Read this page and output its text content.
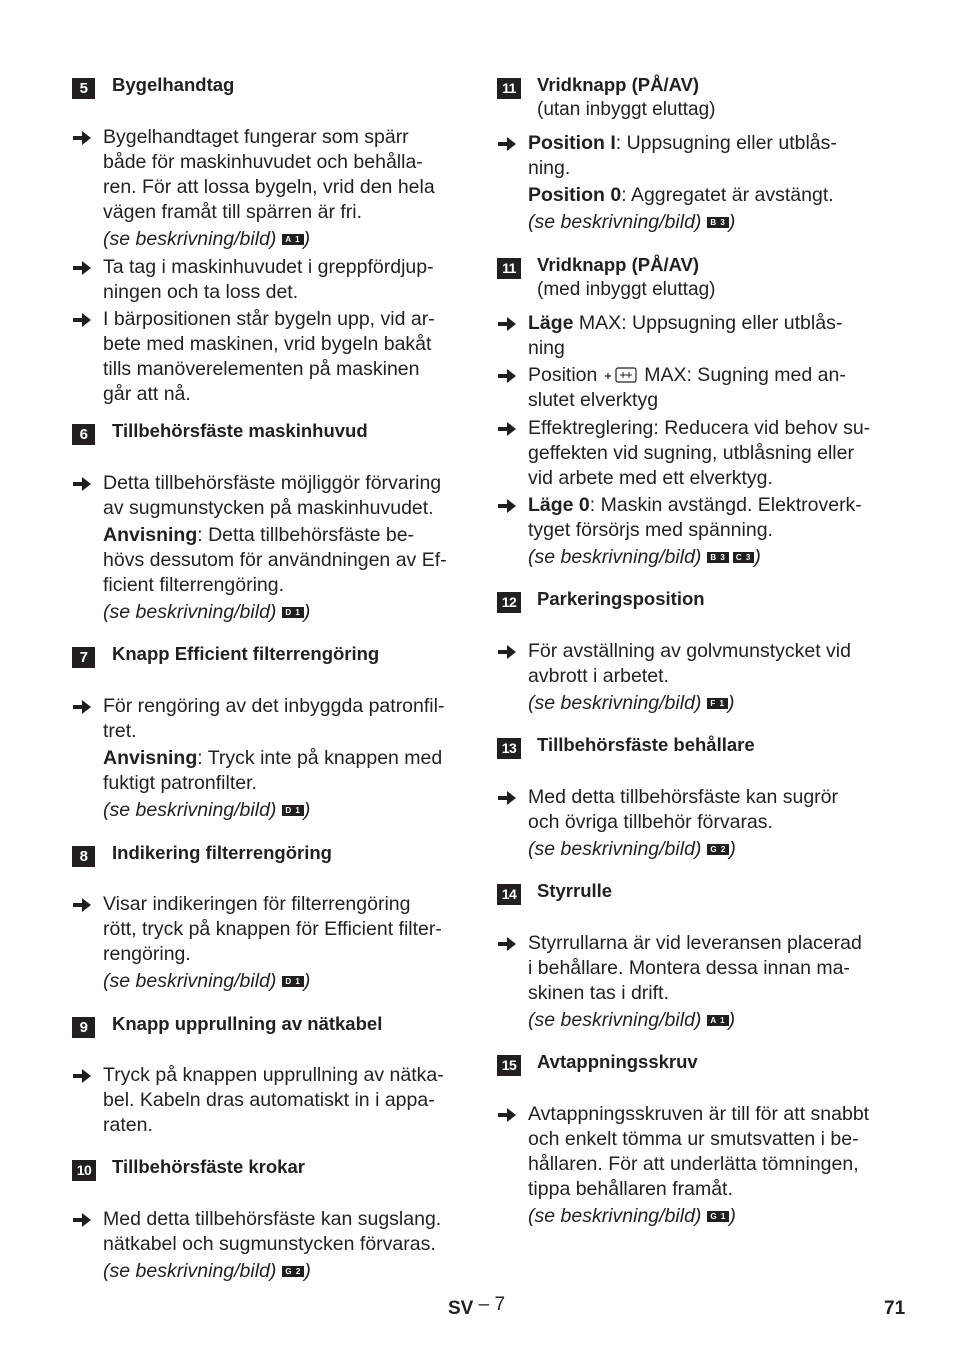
5	Bygelhandtag
Bygelhandtaget fungerar som spärr
både för maskinhuvudet och behålla-
ren. För att lossa bygeln, vrid den hela
vägen framåt till spärren är fri.
(se beskrivning/bild) A 1 )
Ta tag i maskinhuvudet i greppfördjup-
ningen och ta loss det.
I bärpositionen står bygeln upp, vid ar-
bete med maskinen, vrid bygeln bakåt
tills manöverelementen på maskinen
går att nå.
6	Tillbehörsfäste maskinhuvud
Detta tillbehörsfäste möjliggör förvaring
av sugmunstycken på maskinhuvudet.
Anvisning: Detta tillbehörsfäste be-
hövs dessutom för användningen av Ef-
ficient filterrengöring.
(se beskrivning/bild) D 1 )
7	Knapp Efficient filterrengöring
För rengöring av det inbyggda patronfil-
tret.
Anvisning: Tryck inte på knappen med
fuktigt patronfilter.
(se beskrivning/bild) D 1 )
8	Indikering filterrengöring
Visar indikeringen för filterrengöring
rött, tryck på knappen för Efficient filter-
rengöring.
(se beskrivning/bild) D 1 )
9	Knapp upprullning av nätkabel
Tryck på knappen upprullning av nätka-
bel. Kabeln dras automatiskt in i appa-
raten.
10 Tillbehörsfäste krokar
Med detta tillbehörsfäste kan sugslang.
nätkabel och sugmunstycken förvaras.
(se beskrivning/bild) G 2 )
11 Vridknapp (PÅ/AV)
(utan inbyggt eluttag)
Position I: Uppsugning eller utblås-
ning.
Position 0: Aggregatet är avstängt.
(se beskrivning/bild) B 3 )
11 Vridknapp (PÅ/AV)
(med inbyggt eluttag)
Läge MAX: Uppsugning eller utblås-
ning
Position  MAX: Sugning med an-
slutet elverktyg
Effektreglering: Reducera vid behov su-
geffekten vid sugning, utblåsning eller
vid arbete med ett elverktyg.
Läge 0: Maskin avstängd. Elektroverk-
tyget försörjs med spänning.
(se beskrivning/bild) B 3 C 3 )
12 Parkeringsposition
För avställning av golvmunstycket vid
avbrott i arbetet.
(se beskrivning/bild) F 1 )
13 Tillbehörsfäste behållare
Med detta tillbehörsfäste kan sugrör
och övriga tillbehör förvaras.
(se beskrivning/bild) G 2 )
14 Styrrulle
Styrrullarna är vid leveransen placerad
i behållare. Montera dessa innan ma-
skinen tas i drift.
(se beskrivning/bild) A 1 )
15 Avtappningsskruv
Avtappningsskruven är till för att snabbt
och enkelt tömma ur smutsvatten i be-
hållaren. För att underlätta tömningen,
tippa behållaren framåt.
(se beskrivning/bild) G 1 )
SV – 7	71
